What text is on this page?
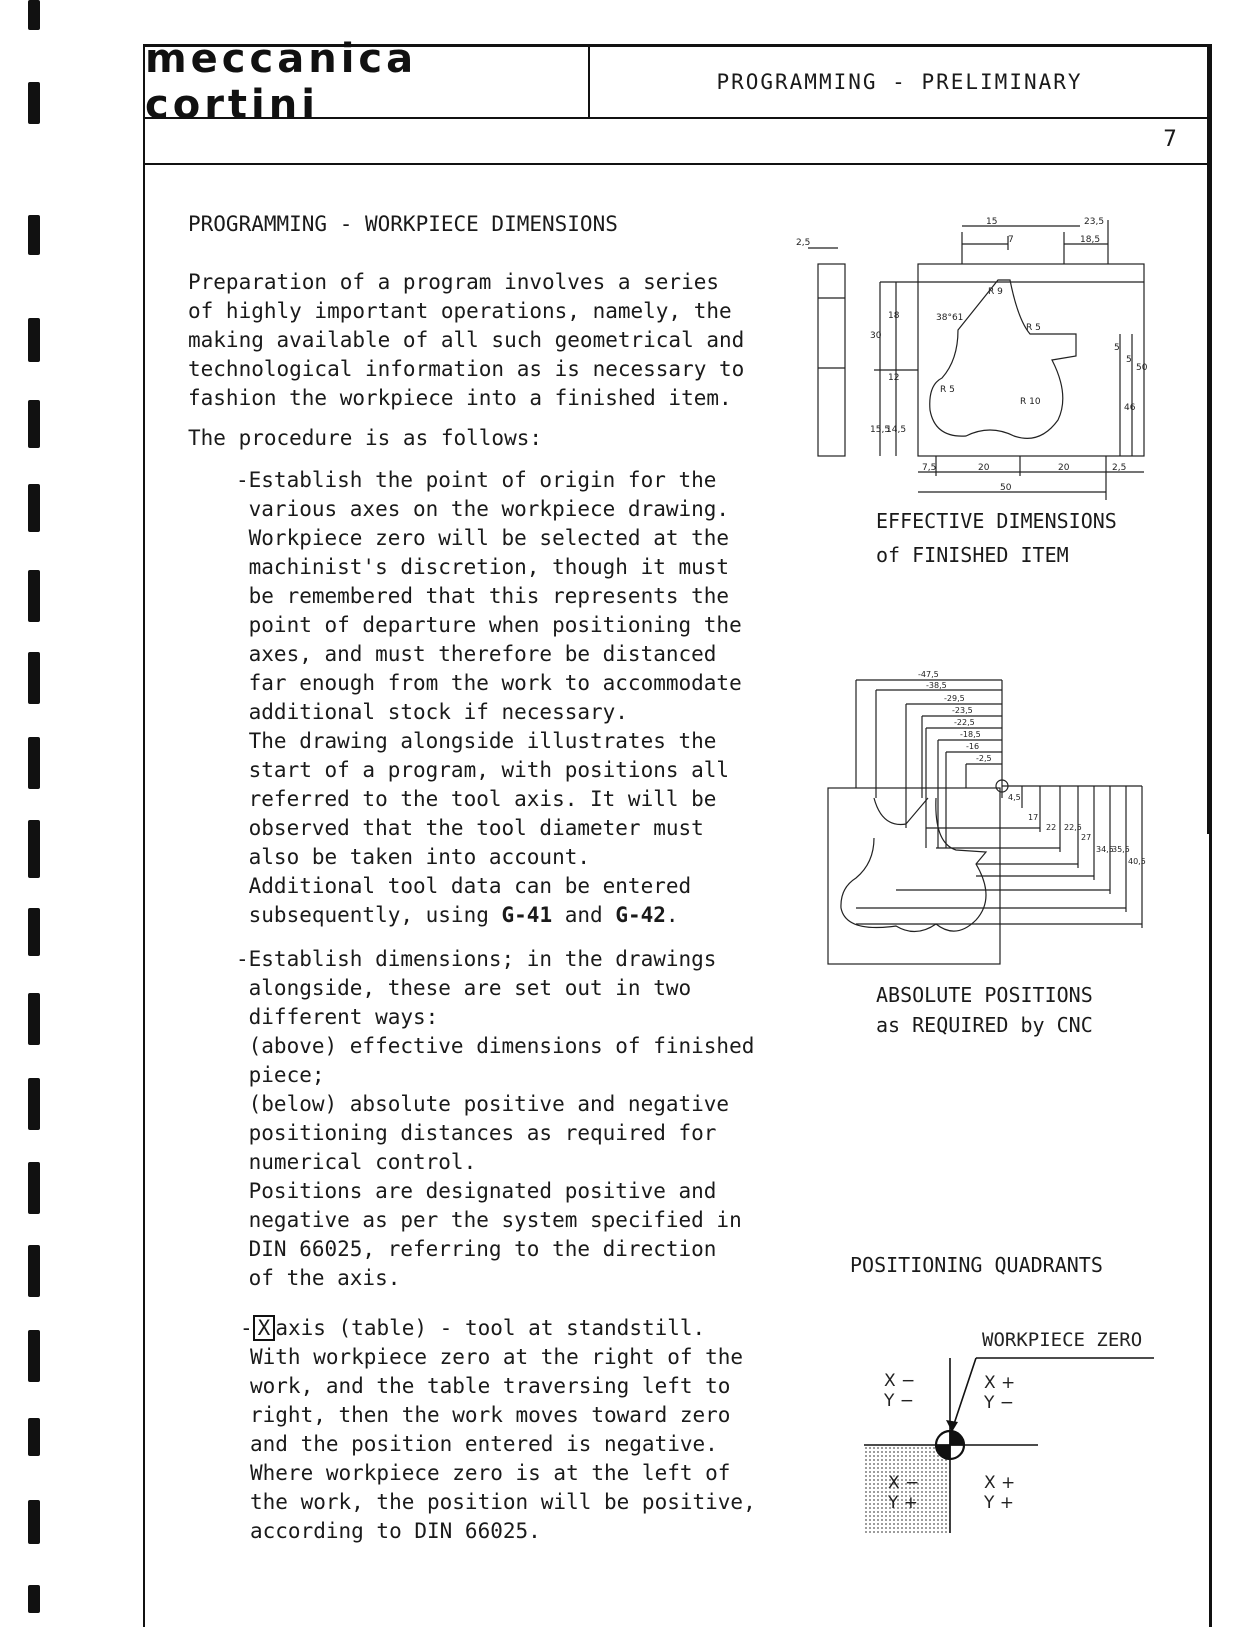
meccanica cortini	PROGRAMMING - PRELIMINARY
7
PROGRAMMING - WORKPIECE DIMENSIONS
Preparation of a program involves a series
of highly important operations, namely, the
making available of all such geometrical and
technological information as is necessary to
fashion the workpiece into a finished item.
The procedure is as follows:
-Establish the point of origin for the
various axes on the workpiece drawing.
Workpiece zero will be selected at the
machinist's discretion, though it must
be remembered that this represents the
point of departure when positioning the
axes, and must therefore be distanced
far enough from the work to accommodate
additional stock if necessary.
The drawing alongside illustrates the
start of a program, with positions all
referred to the tool axis. It will be
observed that the tool diameter must
also be taken into account.
Additional tool data can be entered
subsequently, using G-41 and G-42.
-Establish dimensions; in the drawings
alongside, these are set out in two
different ways:
(above) effective dimensions of finished
piece;
(below) absolute positive and negative
positioning distances as required for
numerical control.
Positions are designated positive and
negative as per the system specified in
DIN 66025, referring to the direction
of the axis.
- X axis (table) - tool at standstill.
With workpiece zero at the right of the
work, and the table traversing left to
right, then the work moves toward zero
and the position entered is negative.
Where workpiece zero is at the left of
the work, the position will be positive,
according to DIN 66025.
2,5
15	23,5
7	18,5
R 9
38°61
R 5
R 5
R 10
30
18
12
15,5
14,5
5
5
50
46
7,5	20	20	2,5
50
EFFECTIVE DIMENSIONS
of FINISHED ITEM
-47,5
-38,5
-29,5
-23,5
-22,5
-18,5
-16
-2,5
4,5
17
22 22,5
27
34,5
35,5
40,5
ABSOLUTE POSITIONS
as REQUIRED by CNC
POSITIONING QUADRANTS
WORKPIECE ZERO
X −
Y −
X +
Y −
X −
Y +
X +
Y +
